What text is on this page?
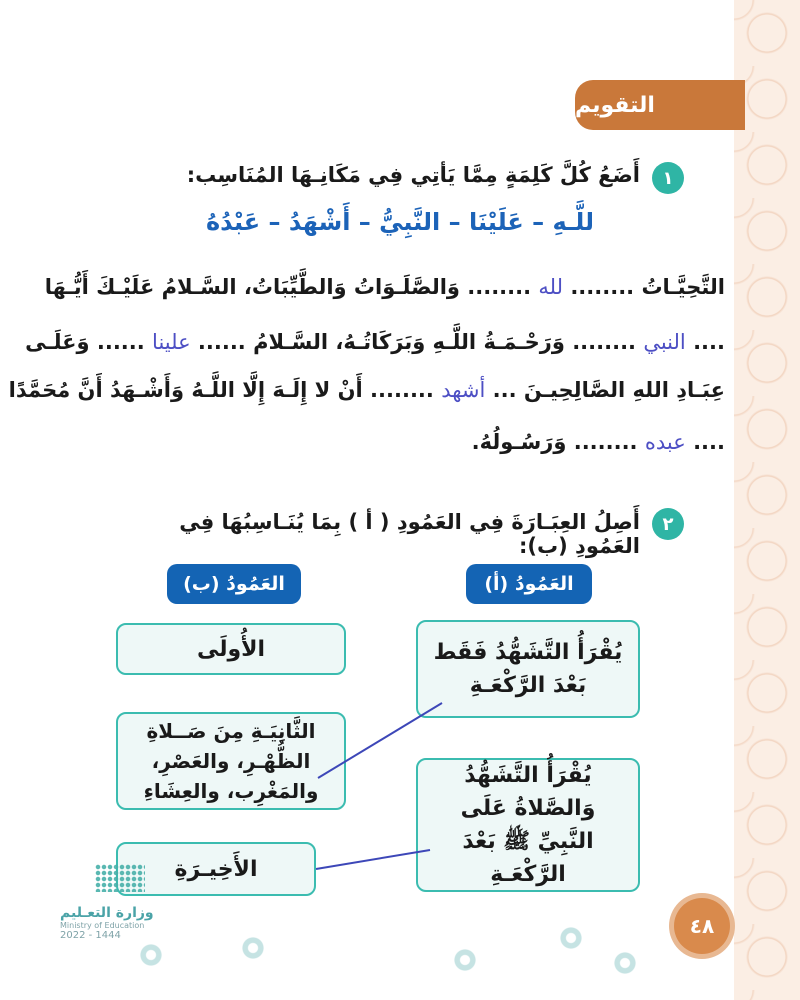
التقويم
١
أَضَعُ كُلَّ كَلِمَةٍ مِمَّا يَأتِي فِي مَكَانِـهَا المُنَاسِب:
للَّـهِ – عَلَيْنَا – النَّبِيُّ – أَشْهَدُ – عَبْدُهُ
التَّحِيَّـاتُ ........ لله ........ وَالصَّلَـوَاتُ وَالطَّيِّبَاتُ، السَّـلامُ عَلَيْـكَ أَيُّـهَا
.... النبي ........ وَرَحْـمَـةُ اللَّـهِ وَبَرَكَاتُـهُ، السَّـلامُ ...... علينا ...... وَعَلَـى
عِبَـادِ اللهِ الصَّالِحِيـنَ ... أشهد ........ أَنْ لا إِلَـهَ إِلَّا اللَّـهُ وَأَشْـهَدُ أَنَّ مُحَمَّدًا
.... عبده ........ وَرَسُـولُهُ.
٢
أَصِلُ العِبَـارَةَ فِي العَمُودِ ( أ ) بِمَا يُنَـاسِبُهَا فِي العَمُودِ (ب):
العَمُودُ (أ)
العَمُودُ (ب)
يُقْرَأُ التَّشَهُّدُ فَقَط بَعْدَ الرَّكْعَـةِ
يُقْرَأُ التَّشَهُّدُ وَالصَّلاةُ عَلَى النَّبِيِّ ﷺ بَعْدَ الرَّكْعَـةِ
الأُولَى
الثَّانِيَـةِ مِنَ صَــلاةِ الظُّهْـرِ، والعَصْرِ، والمَغْرِب، والعِشَاءِ
الأَخِيـرَةِ
وزارة التعـليم
Ministry of Education
2022 - 1444	٤٨
